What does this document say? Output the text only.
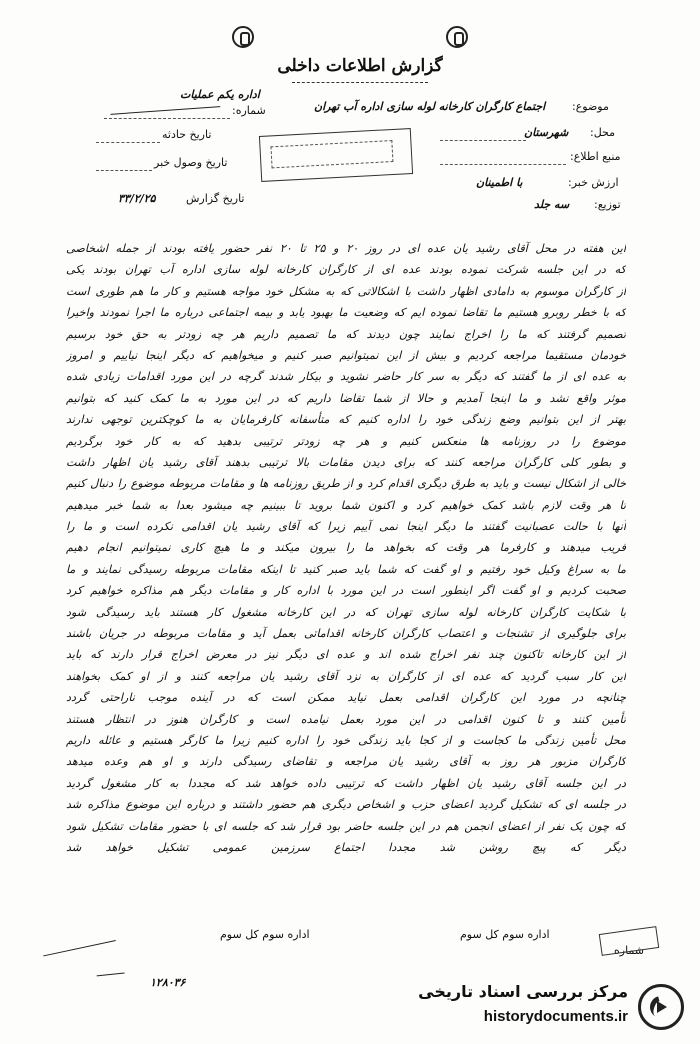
گزارش اطلاعات داخلی
اداره یکم عملیات
شماره:
تاریخ حادثه
تاریخ وصول خبر
تاریخ گزارش
۳۳/۲/۲۵
موضوع:
اجتماع کارگران کارخانه لوله سازی اداره آب تهران
محل:
شهرستان
منبع اطلاع:
ارزش خبر:
با اطمینان
توزیع:
سه جلد
این هفته در محل آقای رشید یان عده ای در روز ۲۰ و ۲۵ تا ۲۰ نفر حضور یافته بودند از جمله اشخاصی
که در این جلسه شرکت نموده بودند عده ای از کارگران کارخانه لوله سازی اداره آب تهران بودند یکی
از کارگران موسوم به دامادی اظهار داشت با اشکالاتی که به مشکل خود مواجه هستیم و کار ما هم طوری است
که با خطر روبرو هستیم ما تقاضا نموده ایم که وضعیت ما بهبود یابد و بیمه اجتماعی درباره ما اجرا نمودند واخیرا
تصمیم گرفتند که ما را اخراج نمایند چون دیدند که ما تصمیم داریم هر چه زودتر به حق خود برسیم
خودمان مستقیما مراجعه کردیم و بیش از این نمیتوانیم صبر کنیم و میخواهیم که دیگر اینجا نیاییم و امروز
به عده ای از ما گفتند که دیگر به سر کار حاضر نشوید و بیکار شدند گرچه در این مورد اقدامات زیادی شده
موثر واقع نشد و ما اینجا آمدیم و حالا از شما تقاضا داریم که در این مورد به ما کمک کنید که بتوانیم
بهتر از این بتوانیم وضع زندگی خود را اداره کنیم که متأسفانه کارفرمایان به ما کوچکترین توجهی ندارند
موضوع را در روزنامه ها منعکس کنیم و هر چه زودتر ترتیبی بدهید که به کار خود برگردیم
و بطور کلی کارگران مراجعه کنند که برای دیدن مقامات بالا ترتیبی بدهند آقای رشید یان اظهار داشت
خالی از اشکال نیست و باید به طرق دیگری اقدام کرد و از طریق روزنامه ها و مقامات مربوطه موضوع را دنبال کنیم
تا هر وقت لازم باشد کمک خواهیم کرد و اکنون شما بروید تا ببینیم چه میشود بعدا به شما خبر میدهیم
آنها با حالت عصبانیت گفتند ما دیگر اینجا نمی آییم زیرا که آقای رشید یان اقدامی نکرده است و ما را
فریب میدهند و کارفرما هر وقت که بخواهد ما را بیرون میکند و ما هیچ کاری نمیتوانیم انجام دهیم
ما به سراغ وکیل خود رفتیم و او گفت که شما باید صبر کنید تا اینکه مقامات مربوطه رسیدگی نمایند و ما
صحبت کردیم و او گفت اگر اینطور است در این مورد با اداره کار و مقامات دیگر هم مذاکره خواهیم کرد
با شکایت کارگران کارخانه لوله سازی تهران که در این کارخانه مشغول کار هستند باید رسیدگی شود
برای جلوگیری از تشنجات و اعتصاب کارگران کارخانه اقداماتی بعمل آید و مقامات مربوطه در جریان باشند
از این کارخانه تاکنون چند نفر اخراج شده اند و عده ای دیگر نیز در معرض اخراج قرار دارند که باید
این کار سبب گردید که عده ای از کارگران به نزد آقای رشید یان مراجعه کنند و از او کمک بخواهند
چنانچه در مورد این کارگران اقدامی بعمل نیاید ممکن است که در آینده موجب ناراحتی گردد
تأمین کنند و تا کنون اقدامی در این مورد بعمل نیامده است و کارگران هنوز در انتظار هستند
محل تأمین زندگی ما کجاست و از کجا باید زندگی خود را اداره کنیم زیرا ما کارگر هستیم و عائله داریم
کارگران مزبور هر روز به آقای رشید یان مراجعه و تقاضای رسیدگی دارند و او هم وعده میدهد
در این جلسه آقای رشید یان اظهار داشت که ترتیبی داده خواهد شد که مجددا به کار مشغول گردید
در جلسه ای که تشکیل گردید اعضای حزب و اشخاص دیگری هم حضور داشتند و درباره این موضوع مذاکره شد
که چون یک نفر از اعضای انجمن هم در این جلسه حاضر بود قرار شد که جلسه ای با حضور مقامات تشکیل شود
دیگر که پیچ روشن شد مجددا اجتماع سرزمین عمومی تشکیل خواهد شد
اداره سوم کل سوم
اداره سوم کل سوم
شماره
۱۲۸۰۳۶	مرکز بررسی اسناد تاریخی
historydocuments.ir
